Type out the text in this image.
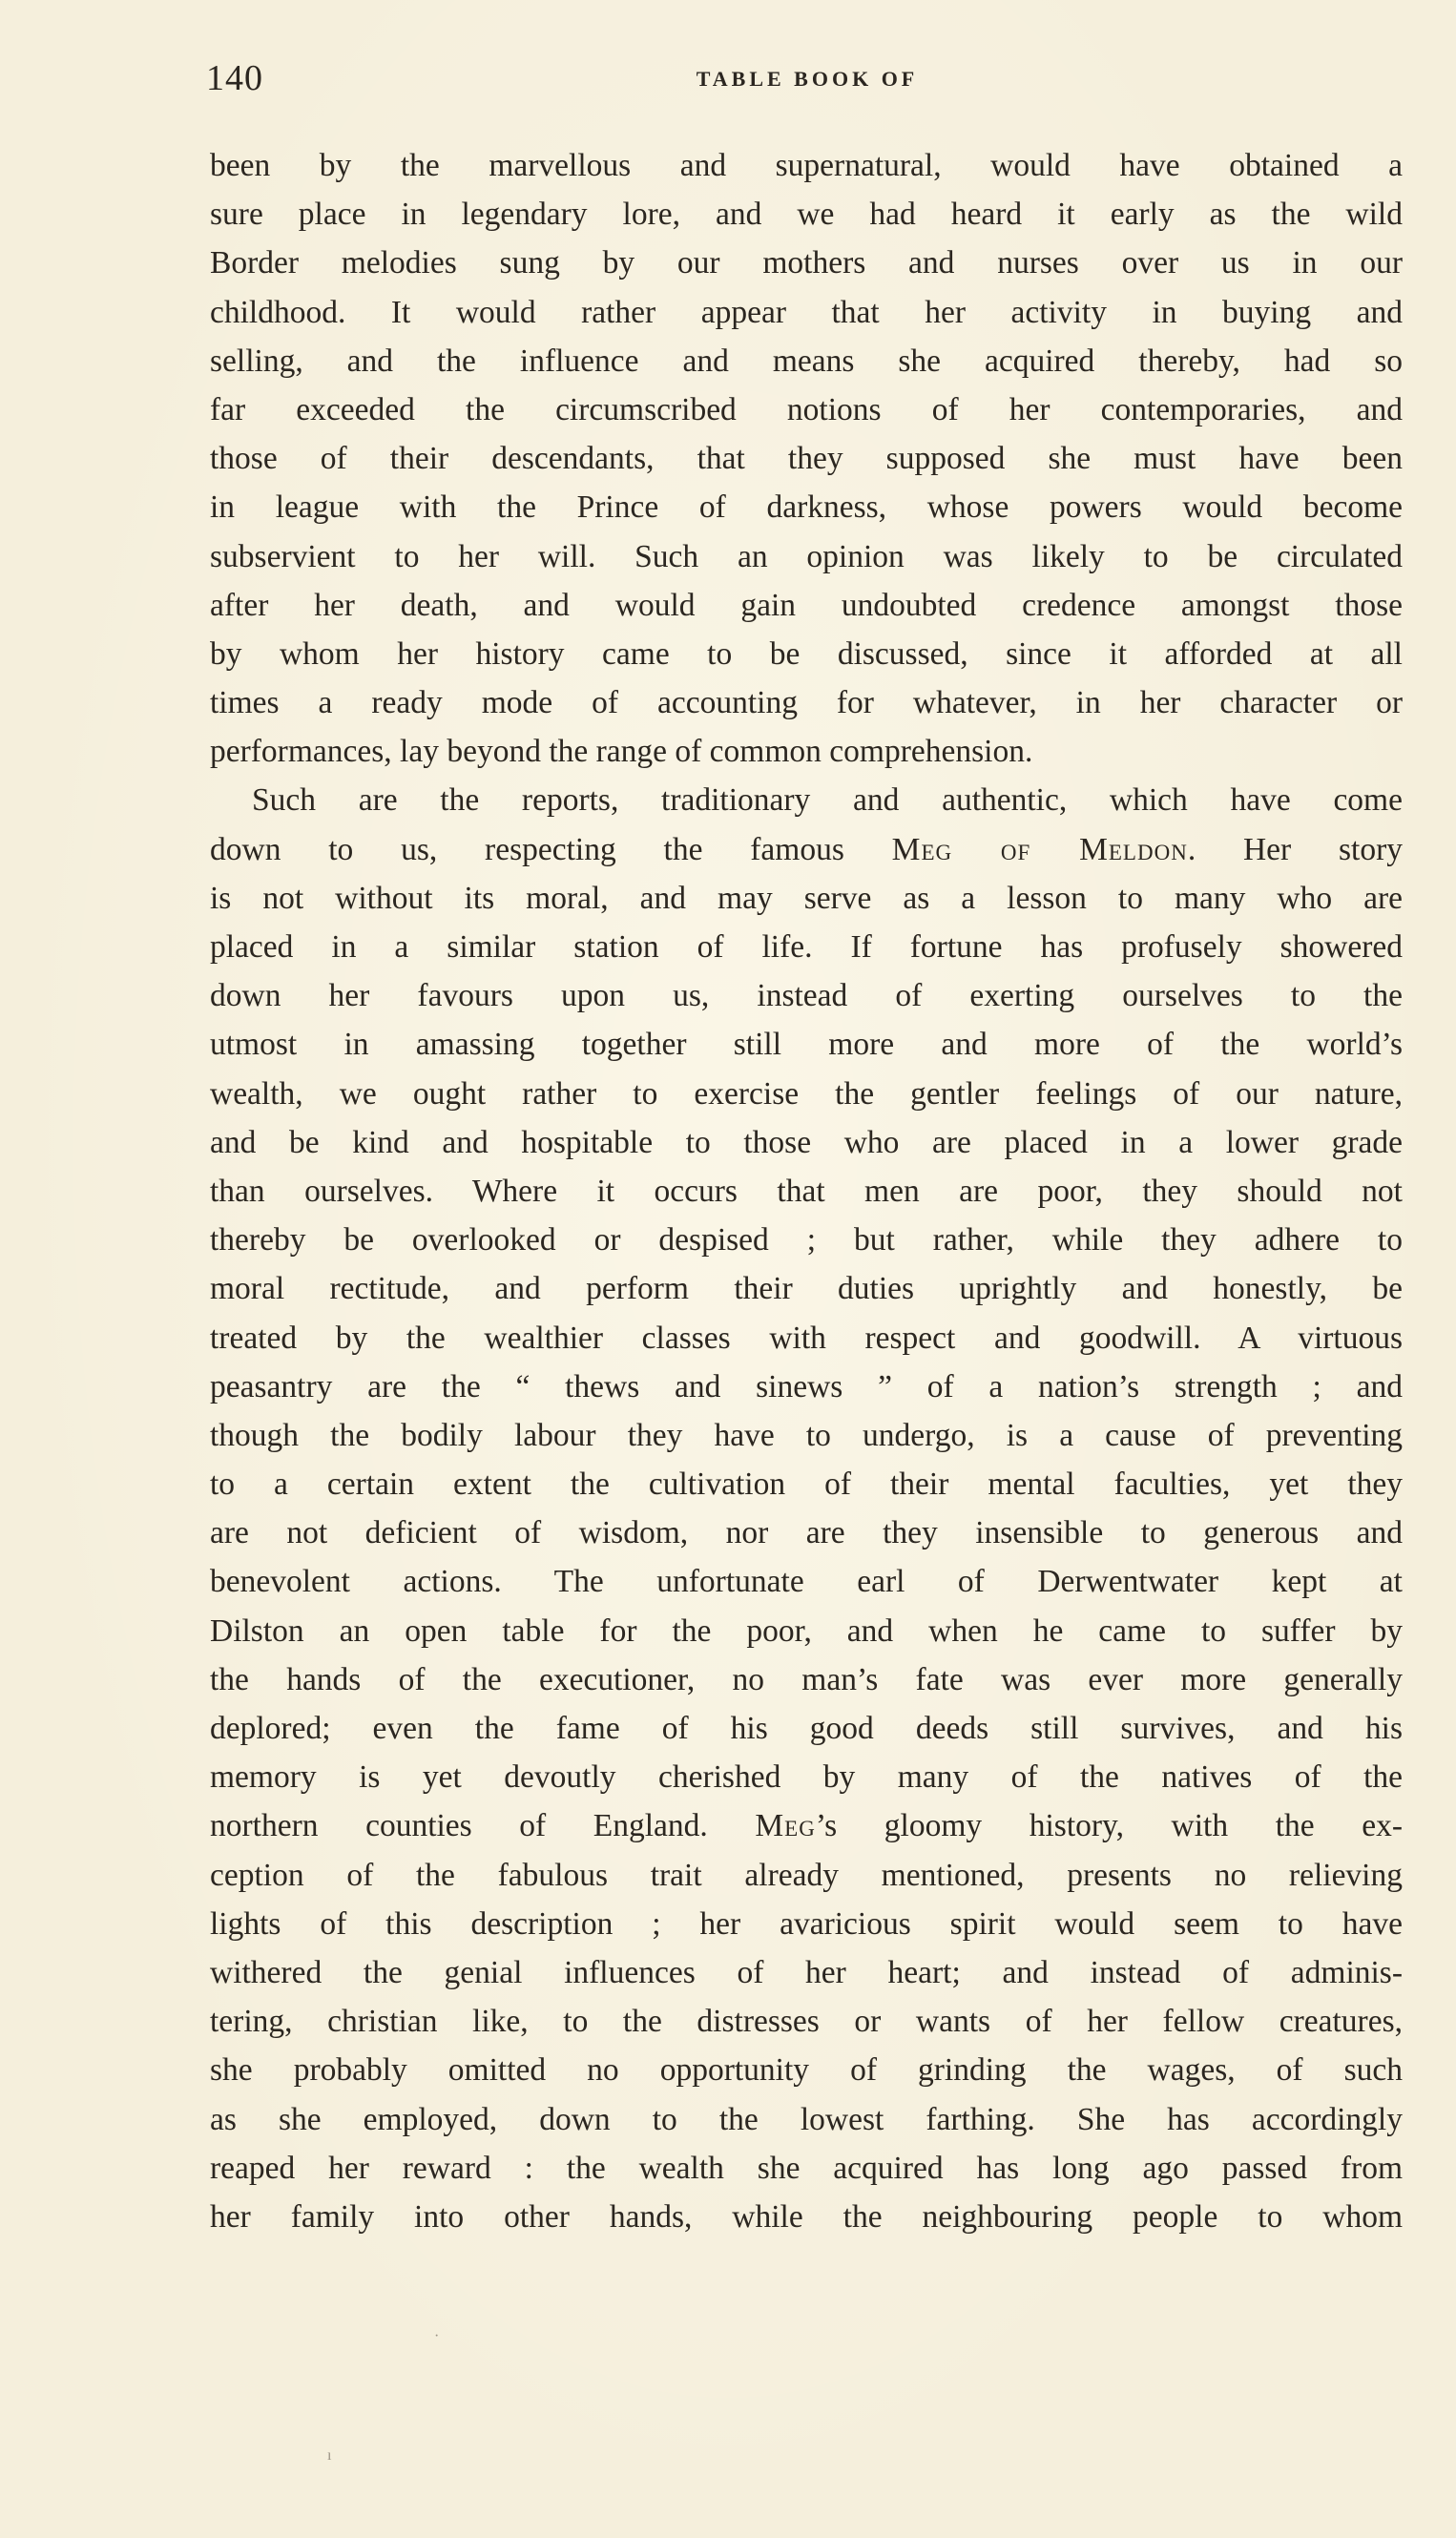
140	TABLE BOOK OF
been by the marvellous and supernatural, would have obtained a
sure place in legendary lore, and we had heard it early as the wild
Border melodies sung by our mothers and nurses over us in our
childhood. It would rather appear that her activity in buying and
selling, and the influence and means she acquired thereby, had so
far exceeded the circumscribed notions of her contemporaries, and
those of their descendants, that they supposed she must have been
in league with the Prince of darkness, whose powers would become
subservient to her will. Such an opinion was likely to be circulated
after her death, and would gain undoubted credence amongst those
by whom her history came to be discussed, since it afforded at all
times a ready mode of accounting for whatever, in her character or
performances, lay beyond the range of common comprehension.
Such are the reports, traditionary and authentic, which have come
down to us, respecting the famous Meg of Meldon. Her story
is not without its moral, and may serve as a lesson to many who are
placed in a similar station of life. If fortune has profusely showered
down her favours upon us, instead of exerting ourselves to the
utmost in amassing together still more and more of the world’s
wealth, we ought rather to exercise the gentler feelings of our nature,
and be kind and hospitable to those who are placed in a lower grade
than ourselves. Where it occurs that men are poor, they should not
thereby be overlooked or despised ; but rather, while they adhere to
moral rectitude, and perform their duties uprightly and honestly, be
treated by the wealthier classes with respect and goodwill. A virtuous
peasantry are the “ thews and sinews ” of a nation’s strength ; and
though the bodily labour they have to undergo, is a cause of preventing
to a certain extent the cultivation of their mental faculties, yet they
are not deficient of wisdom, nor are they insensible to generous and
benevolent actions. The unfortunate earl of Derwentwater kept at
Dilston an open table for the poor, and when he came to suffer by
the hands of the executioner, no man’s fate was ever more generally
deplored; even the fame of his good deeds still survives, and his
memory is yet devoutly cherished by many of the natives of the
northern counties of England. Meg’s gloomy history, with the ex-
ception of the fabulous trait already mentioned, presents no relieving
lights of this description ; her avaricious spirit would seem to have
withered the genial influences of her heart; and instead of adminis-
tering, christian like, to the distresses or wants of her fellow creatures,
she probably omitted no opportunity of grinding the wages, of such
as she employed, down to the lowest farthing. She has accordingly
reaped her reward : the wealth she acquired has long ago passed from
her family into other hands, while the neighbouring people to whom
·
ı
